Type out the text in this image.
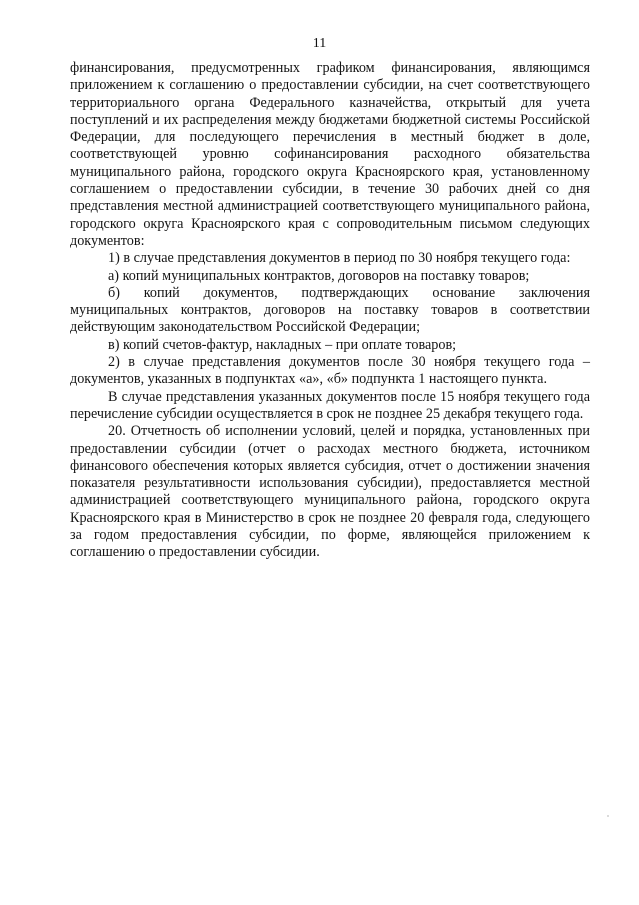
11

финансирования, предусмотренных графиком финансирования, являющимся приложением к соглашению о предоставлении субсидии, на счет соответствующего территориального органа Федерального казначейства, открытый для учета поступлений и их распределения между бюджетами бюджетной системы Российской Федерации, для последующего перечисления в местный бюджет в доле, соответствующей уровню софинансирования расходного обязательства муниципального района, городского округа Красноярского края, установленному соглашением о предоставлении субсидии, в течение 30 рабочих дней со дня представления местной администрацией соответствующего муниципального района, городского округа Красноярского края с сопроводительным письмом следующих документов:

1) в случае представления документов в период по 30 ноября текущего года:

а) копий муниципальных контрактов, договоров на поставку товаров;

б) копий документов, подтверждающих основание заключения муниципальных контрактов, договоров на поставку товаров в соответствии действующим законодательством Российской Федерации;

в) копий счетов-фактур, накладных – при оплате товаров;

2) в случае представления документов после 30 ноября текущего года – документов, указанных в подпунктах «а», «б» подпункта 1 настоящего пункта.

В случае представления указанных документов после 15 ноября текущего года перечисление субсидии осуществляется в срок не позднее 25 декабря текущего года.

20. Отчетность об исполнении условий, целей и порядка, установленных при предоставлении субсидии (отчет о расходах местного бюджета, источником финансового обеспечения которых является субсидия, отчет о достижении значения показателя результативности использования субсидии), предоставляется местной администрацией соответствующего муниципального района, городского округа Красноярского края в Министерство в срок не позднее 20 февраля года, следующего за годом предоставления субсидии, по форме, являющейся приложением к соглашению о предоставлении субсидии.
